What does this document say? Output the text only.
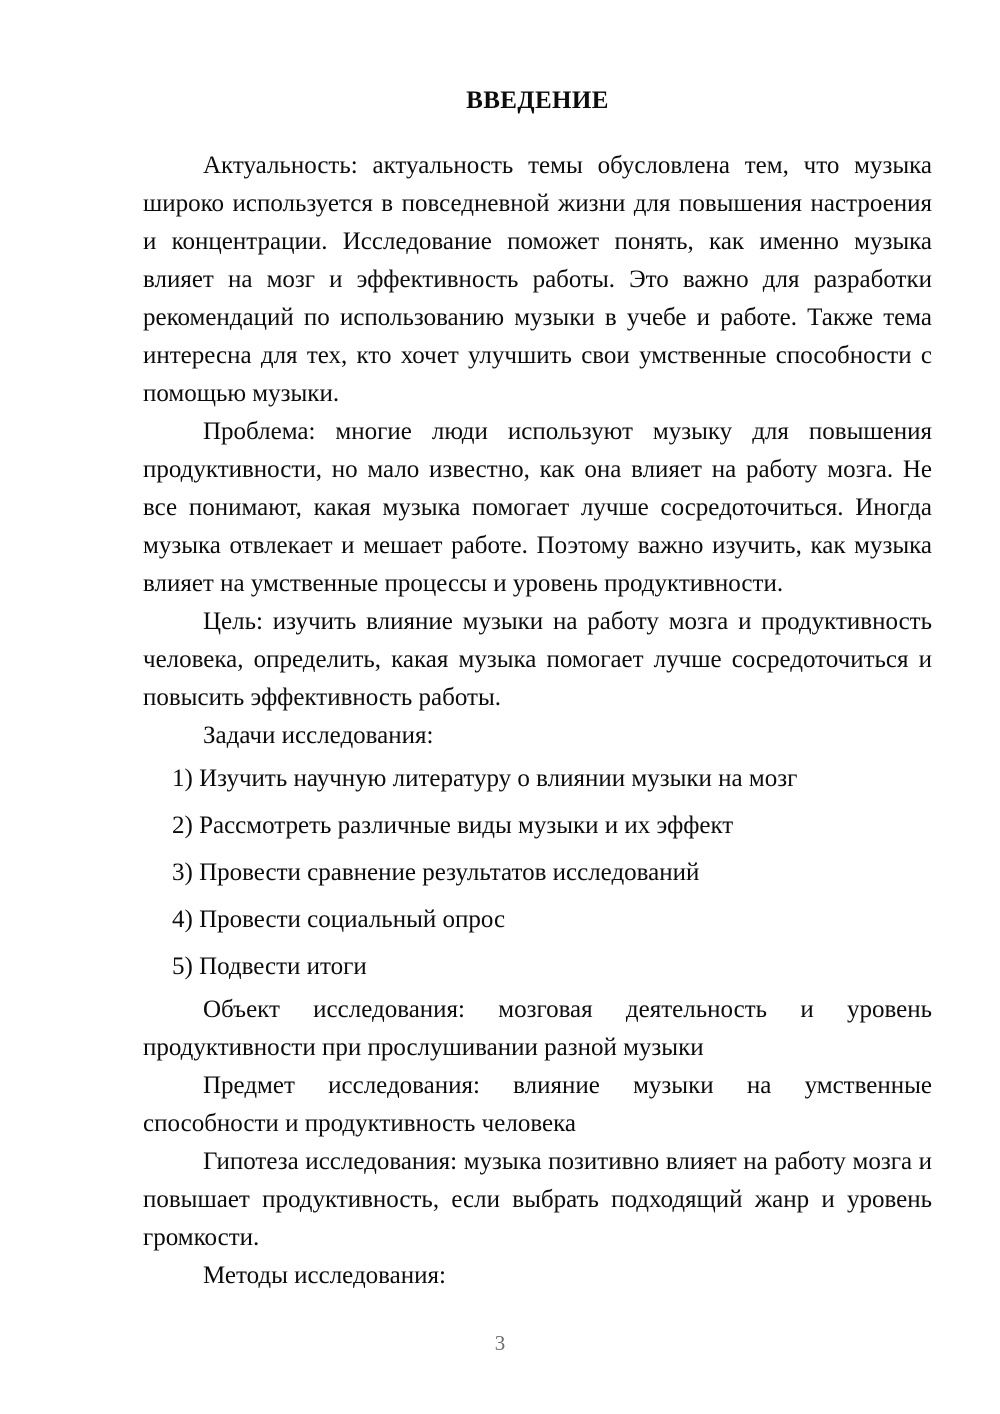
ВВЕДЕНИЕ

Актуальность: актуальность темы обусловлена тем, что музыка широко используется в повседневной жизни для повышения настроения и концентрации. Исследование поможет понять, как именно музыка влияет на мозг и эффективность работы. Это важно для разработки рекомендаций по использованию музыки в учебе и работе. Также тема интересна для тех, кто хочет улучшить свои умственные способности с помощью музыки.

Проблема: многие люди используют музыку для повышения продуктивности, но мало известно, как она влияет на работу мозга. Не все понимают, какая музыка помогает лучше сосредоточиться. Иногда музыка отвлекает и мешает работе. Поэтому важно изучить, как музыка влияет на умственные процессы и уровень продуктивности.

Цель: изучить влияние музыки на работу мозга и продуктивность человека, определить, какая музыка помогает лучше сосредоточиться и повысить эффективность работы.

Задачи исследования:

1) Изучить научную литературу о влиянии музыки на мозг
2) Рассмотреть различные виды музыки и их эффект
3) Провести сравнение результатов исследований
4) Провести социальный опрос
5) Подвести итоги

Объект исследования: мозговая деятельность и уровень продуктивности при прослушивании разной музыки

Предмет исследования: влияние музыки на умственные способности и продуктивность человека

Гипотеза исследования: музыка позитивно влияет на работу мозга и повышает продуктивность, если выбрать подходящий жанр и уровень громкости.

Методы исследования:

3
